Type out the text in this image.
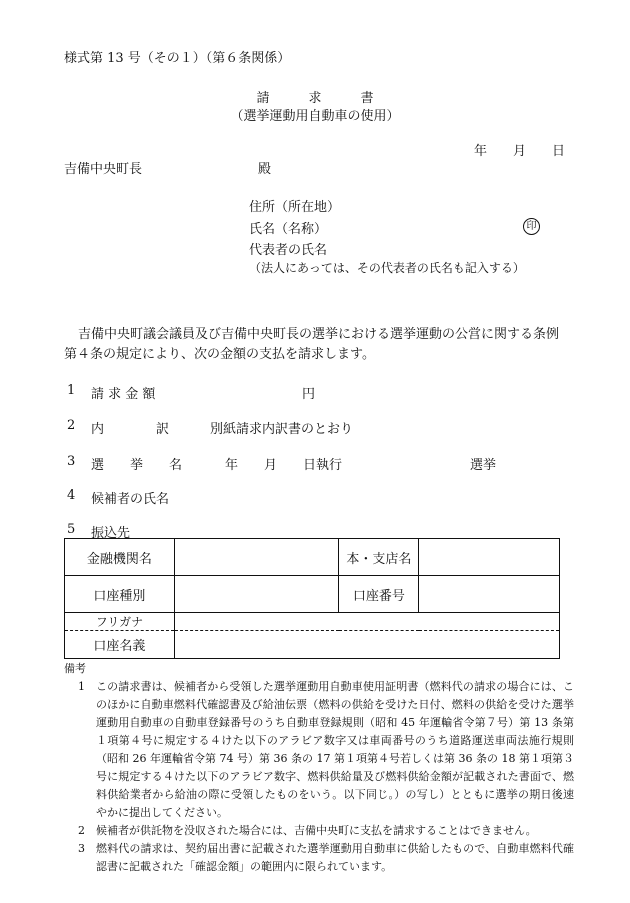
様式第 13 号（その１）（第６条関係）
請　　　求　　　書
（選挙運動用自動車の使用）
年　　月　　日
吉備中央町長	殿
住所（所在地）
氏名（名称）	印
代表者の氏名
（法人にあっては、その代表者の氏名も記入する）
吉備中央町議会議員及び吉備中央町長の選挙における選挙運動の公営に関する条例
第４条の規定により、次の金額の支払を請求します。
1 請 求 金 額	円
2 内　　　　訳	別紙請求内訳書のとおり
3 選　　挙　　名	年　　月　　日執行	選挙
4 候補者の氏名
5 振込先
金融機関名		本・支店名	
口座種別		口座番号	
フリガナ			
口座名義			
備考
1 この請求書は、候補者から受領した選挙運動用自動車使用証明書（燃料代の請求の場合には、このほかに自動車燃料代確認書及び給油伝票（燃料の供給を受けた日付、燃料の供給を受けた選挙運動用自動車の自動車登録番号のうち自動車登録規則（昭和 45 年運輸省令第７号）第 13 条第１項第４号に規定する４けた以下のアラビア数字又は車両番号のうち道路運送車両法施行規則（昭和 26 年運輸省令第 74 号）第 36 条の 17 第１項第４号若しくは第 36 条の 18 第１項第３号に規定する４けた以下のアラビア数字、燃料供給量及び燃料供給金額が記載された書面で、燃料供給業者から給油の際に受領したものをいう。以下同じ。）の写し）とともに選挙の期日後速やかに提出してください。
2 候補者が供託物を没収された場合には、吉備中央町に支払を請求することはできません。
3 燃料代の請求は、契約届出書に記載された選挙運動用自動車に供給したもので、自動車燃料代確認書に記載された「確認金額」の範囲内に限られています。
